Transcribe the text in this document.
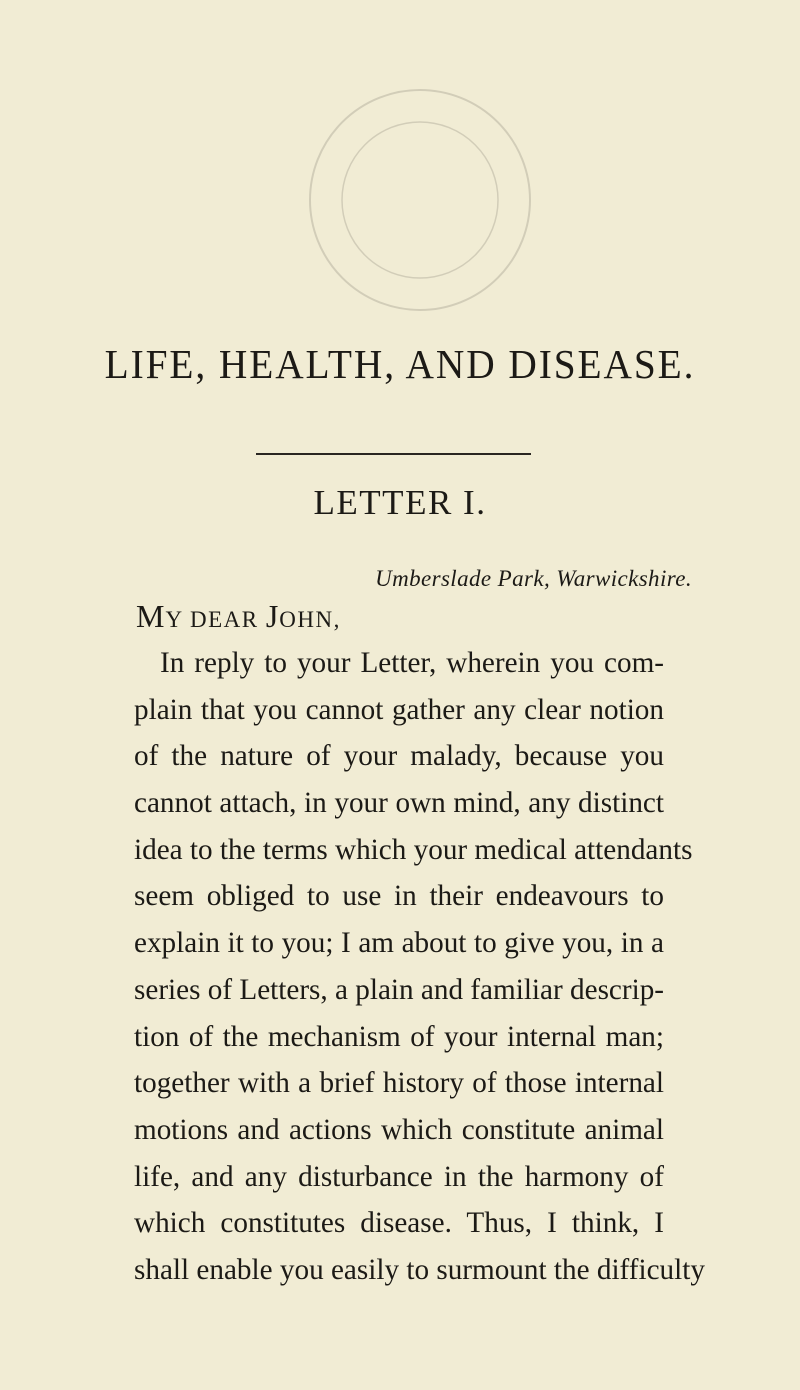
LIFE, HEALTH, AND DISEASE.
LETTER I.
Umberslade Park, Warwickshire.
MY DEAR JOHN,
In reply to your Letter, wherein you com-
plain that you cannot gather any clear notion
of the nature of your malady, because you
cannot attach, in your own mind, any distinct
idea to the terms which your medical attendants
seem obliged to use in their endeavours to
explain it to you; I am about to give you, in a
series of Letters, a plain and familiar descrip-
tion of the mechanism of your internal man;
together with a brief history of those internal
motions and actions which constitute animal
life, and any disturbance in the harmony of
which constitutes disease. Thus, I think, I
shall enable you easily to surmount the difficulty
